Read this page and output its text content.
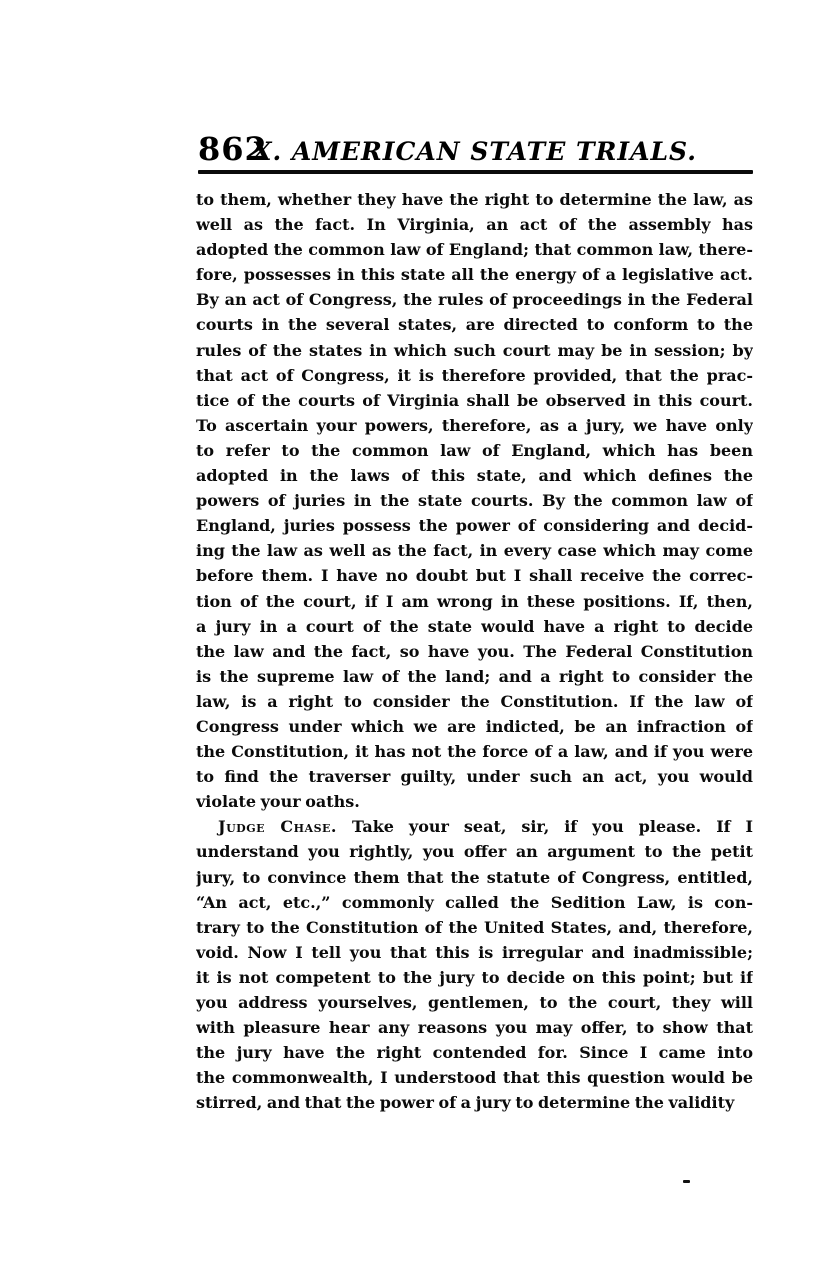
862
X. AMERICAN STATE TRIALS.
to them, whether they have the right to determine the law, as
well as the fact. In Virginia, an act of the assembly has
adopted the common law of England; that common law, there-
fore, possesses in this state all the energy of a legislative act.
By an act of Congress, the rules of proceedings in the Federal
courts in the several states, are directed to conform to the
rules of the states in which such court may be in session; by
that act of Congress, it is therefore provided, that the prac-
tice of the courts of Virginia shall be observed in this court.
To ascertain your powers, therefore, as a jury, we have only
to refer to the common law of England, which has been
adopted in the laws of this state, and which defines the
powers of juries in the state courts. By the common law of
England, juries possess the power of considering and decid-
ing the law as well as the fact, in every case which may come
before them. I have no doubt but I shall receive the correc-
tion of the court, if I am wrong in these positions. If, then,
a jury in a court of the state would have a right to decide
the law and the fact, so have you. The Federal Constitution
is the supreme law of the land; and a right to consider the
law, is a right to consider the Constitution. If the law of
Congress under which we are indicted, be an infraction of
the Constitution, it has not the force of a law, and if you were
to find the traverser guilty, under such an act, you would
violate your oaths.
Judge Chase. Take your seat, sir, if you please. If I
understand you rightly, you offer an argument to the petit
jury, to convince them that the statute of Congress, entitled,
“An act, etc.,” commonly called the Sedition Law, is con-
trary to the Constitution of the United States, and, therefore,
void. Now I tell you that this is irregular and inadmissible;
it is not competent to the jury to decide on this point; but if
you address yourselves, gentlemen, to the court, they will
with pleasure hear any reasons you may offer, to show that
the jury have the right contended for. Since I came into
the commonwealth, I understood that this question would be
stirred, and that the power of a jury to determine the validity
